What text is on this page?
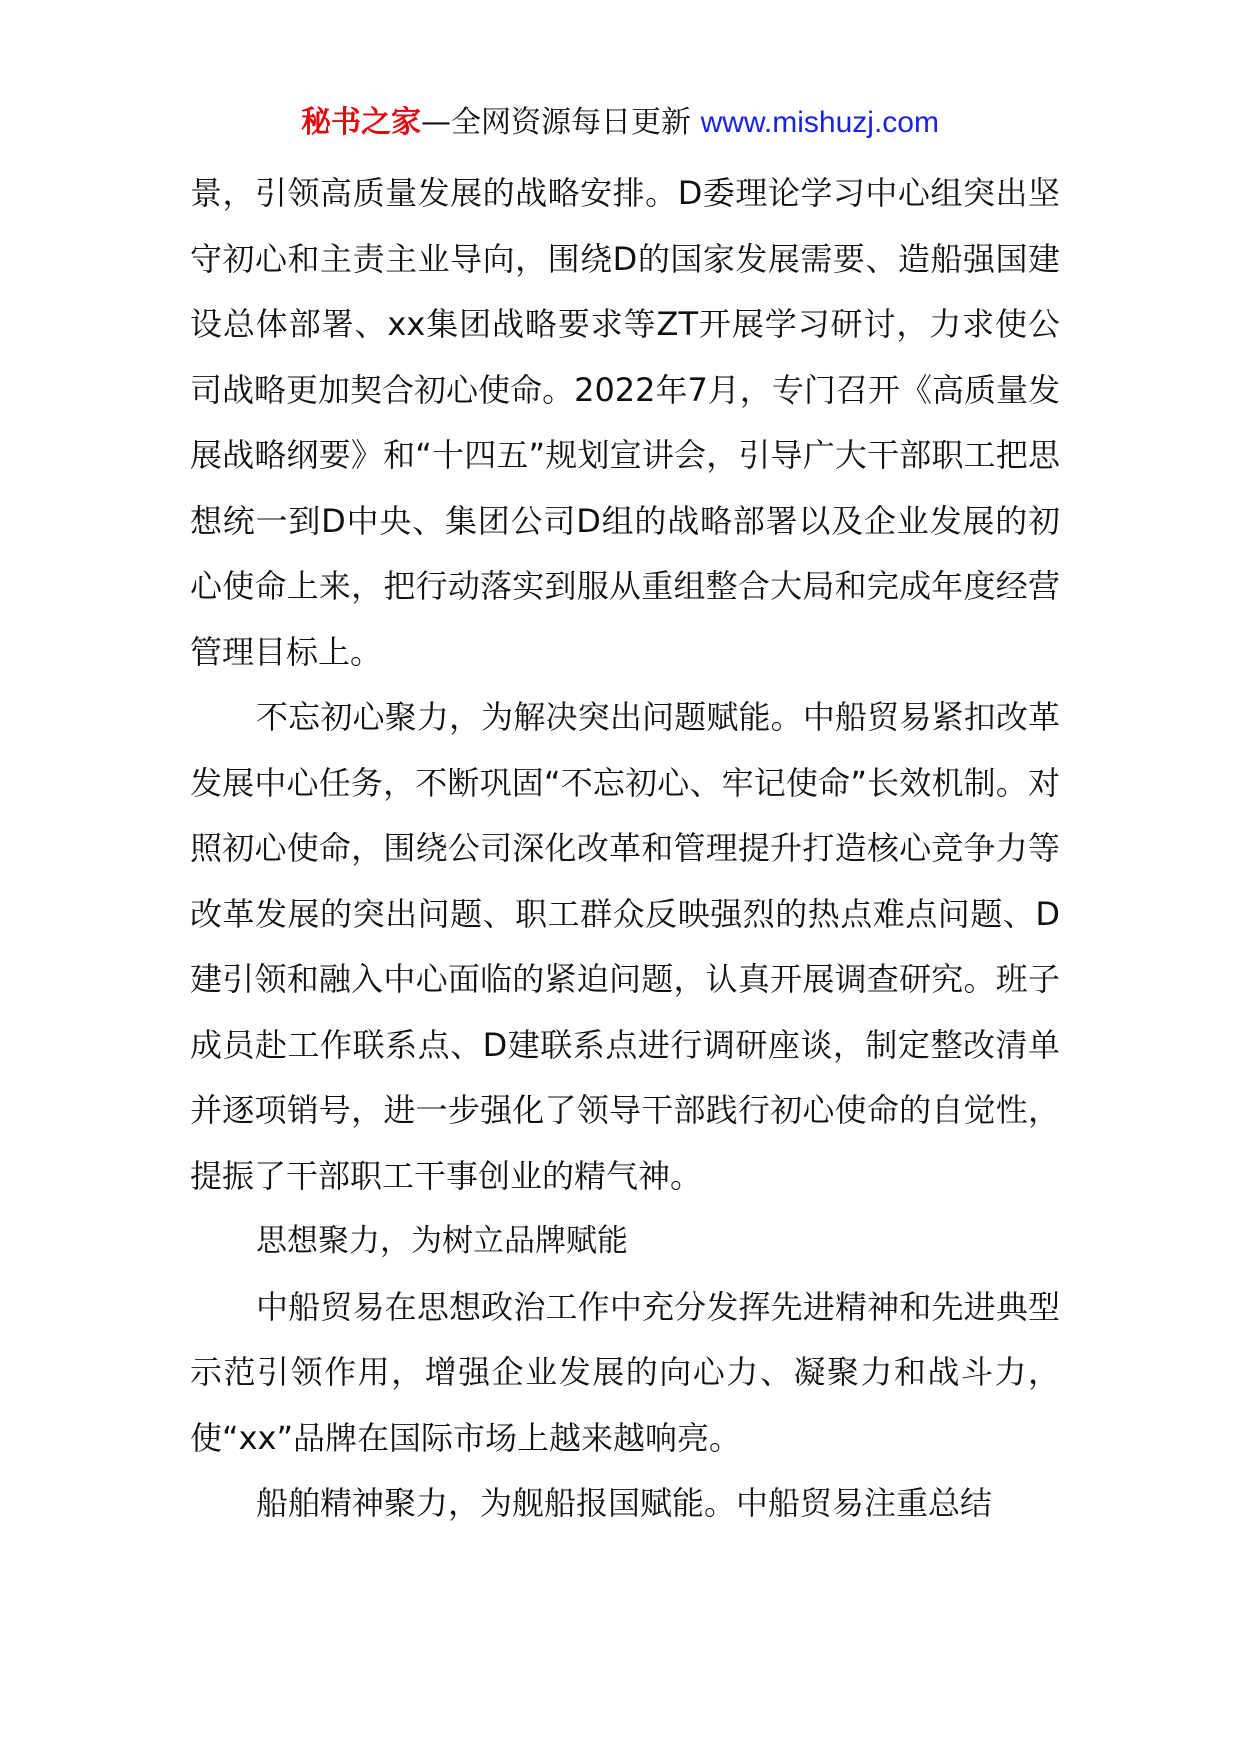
秘书之家—全网资源每日更新 www.mishuzj.com

景，引领高质量发展的战略安排。D委理论学习中心组突出坚守初心和主责主业导向，围绕D的国家发展需要、造船强国建设总体部署、xx集团战略要求等ZT开展学习研讨，力求使公司战略更加契合初心使命。2022年7月，专门召开《高质量发展战略纲要》和“十四五”规划宣讲会，引导广大干部职工把思想统一到D中央、集团公司D组的战略部署以及企业发展的初心使命上来，把行动落实到服从重组整合大局和完成年度经营管理目标上。

不忘初心聚力，为解决突出问题赋能。中船贸易紧扣改革发展中心任务，不断巩固“不忘初心、牢记使命”长效机制。对照初心使命，围绕公司深化改革和管理提升打造核心竞争力等改革发展的突出问题、职工群众反映强烈的热点难点问题、D建引领和融入中心面临的紧迫问题，认真开展调查研究。班子成员赴工作联系点、D建联系点进行调研座谈，制定整改清单并逐项销号，进一步强化了领导干部践行初心使命的自觉性，提振了干部职工干事创业的精气神。

思想聚力，为树立品牌赋能

中船贸易在思想政治工作中充分发挥先进精神和先进典型示范引领作用，增强企业发展的向心力、凝聚力和战斗力，使“xx”品牌在国际市场上越来越响亮。

船舶精神聚力，为舰船报国赋能。中船贸易注重总结
